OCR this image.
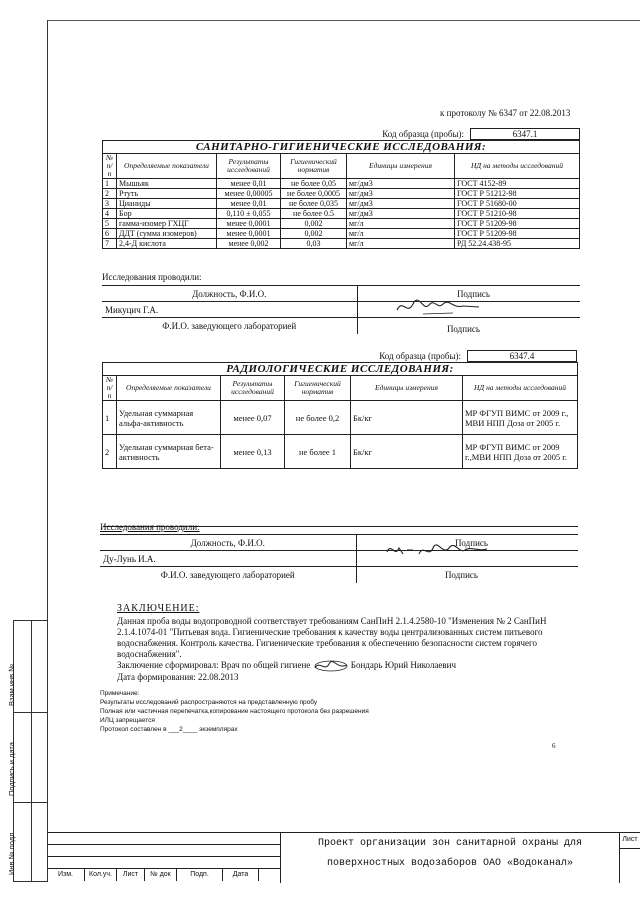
Взам.инв.№
Подпись и дата
Инв.№ подл.
к протоколу № 6347 от 22.08.2013
Код образца (пробы):	6347.1
САНИТАРНО-ГИГИЕНИЧЕСКИЕ ИССЛЕДОВАНИЯ:					
№ п/п	Определяемые показатели	Результаты исследований	Гигиенический норматив	Единицы измерения	НД на методы исследований
1	Мышьяк	менее 0,01	не более 0,05	мг/дм3	ГОСТ 4152-89
2	Ртуть	менее 0,00005	не более 0,0005	мг/дм3	ГОСТ Р 51212-98
3	Цианиды	менее 0,01	не более 0,035	мг/дм3	ГОСТ Р 51680-00
4	Бор	0,110 ± 0,055	не более 0.5	мг/дм3	ГОСТ Р 51210-98
5	гамма-изомер ГХЦГ	менее 0,0001	0,002	мг/л	ГОСТ Р 51209-98
6	ДДТ (сумма изомеров)	менее 0,0001	0,002	мг/л	ГОСТ Р 51209-98
7	2,4-Д кислота	менее 0,002	0,03	мг/л	РД 52.24.438-95
Исследования проводили:
Должность, Ф.И.О.	Подпись
Микуцич Г.А.	
Ф.И.О. заведующего лабораторией	Подпись
Код образца (пробы):	6347.4
РАДИОЛОГИЧЕСКИЕ ИССЛЕДОВАНИЯ:					
№ п/п	Определяемые показатели	Результаты исследований	Гигиенический норматив	Единицы измерения	НД на методы исследований
1	Удельная суммарная альфа-активность	менее 0,07	не более 0,2	Бк/кг	МР ФГУП ВИМС от 2009 г., МВИ НПП Доза от 2005 г.
2	Удельная суммарная бета-активность	менее 0,13	не более 1	Бк/кг	МР ФГУП ВИМС от 2009 г.,МВИ НПП Доза от 2005 г.

Исследования проводили:
Должность, Ф.И.О.	Подпись
Ду-Лунь И.А.	
Ф.И.О. заведующего лабораторией	Подпись
ЗАКЛЮЧЕНИЕ:
Данная проба воды водопроводной соответствует требованиям СанПиН 2.1.4.2580-10 "Изменения № 2 СанПиН 2.1.4.1074-01 "Питьевая вода. Гигиенические требования к качеству воды централизованных систем питьевого водоснабжения. Контроль качества. Гигиенические требования к обеспечению безопасности систем горячего водоснабжения".
Заключение сформировал: Врач по общей гигиене	Бондарь Юрий Николаевич
Дата формирования: 22.08.2013
Примечание:
Результаты исследований распространяются на представленную пробу
Полная или частичная перепечатка,копирование настоящего протокола без разрешения
ИЛЦ запрещается
Протокол составлен в ___2____ экземплярах
Изм.	Кол.уч.	Лист	№ док	Подп.	Дата
Проект организации зон санитарной охраны для
поверхностных водозаборов ОАО «Водоканал»
Лист
6
